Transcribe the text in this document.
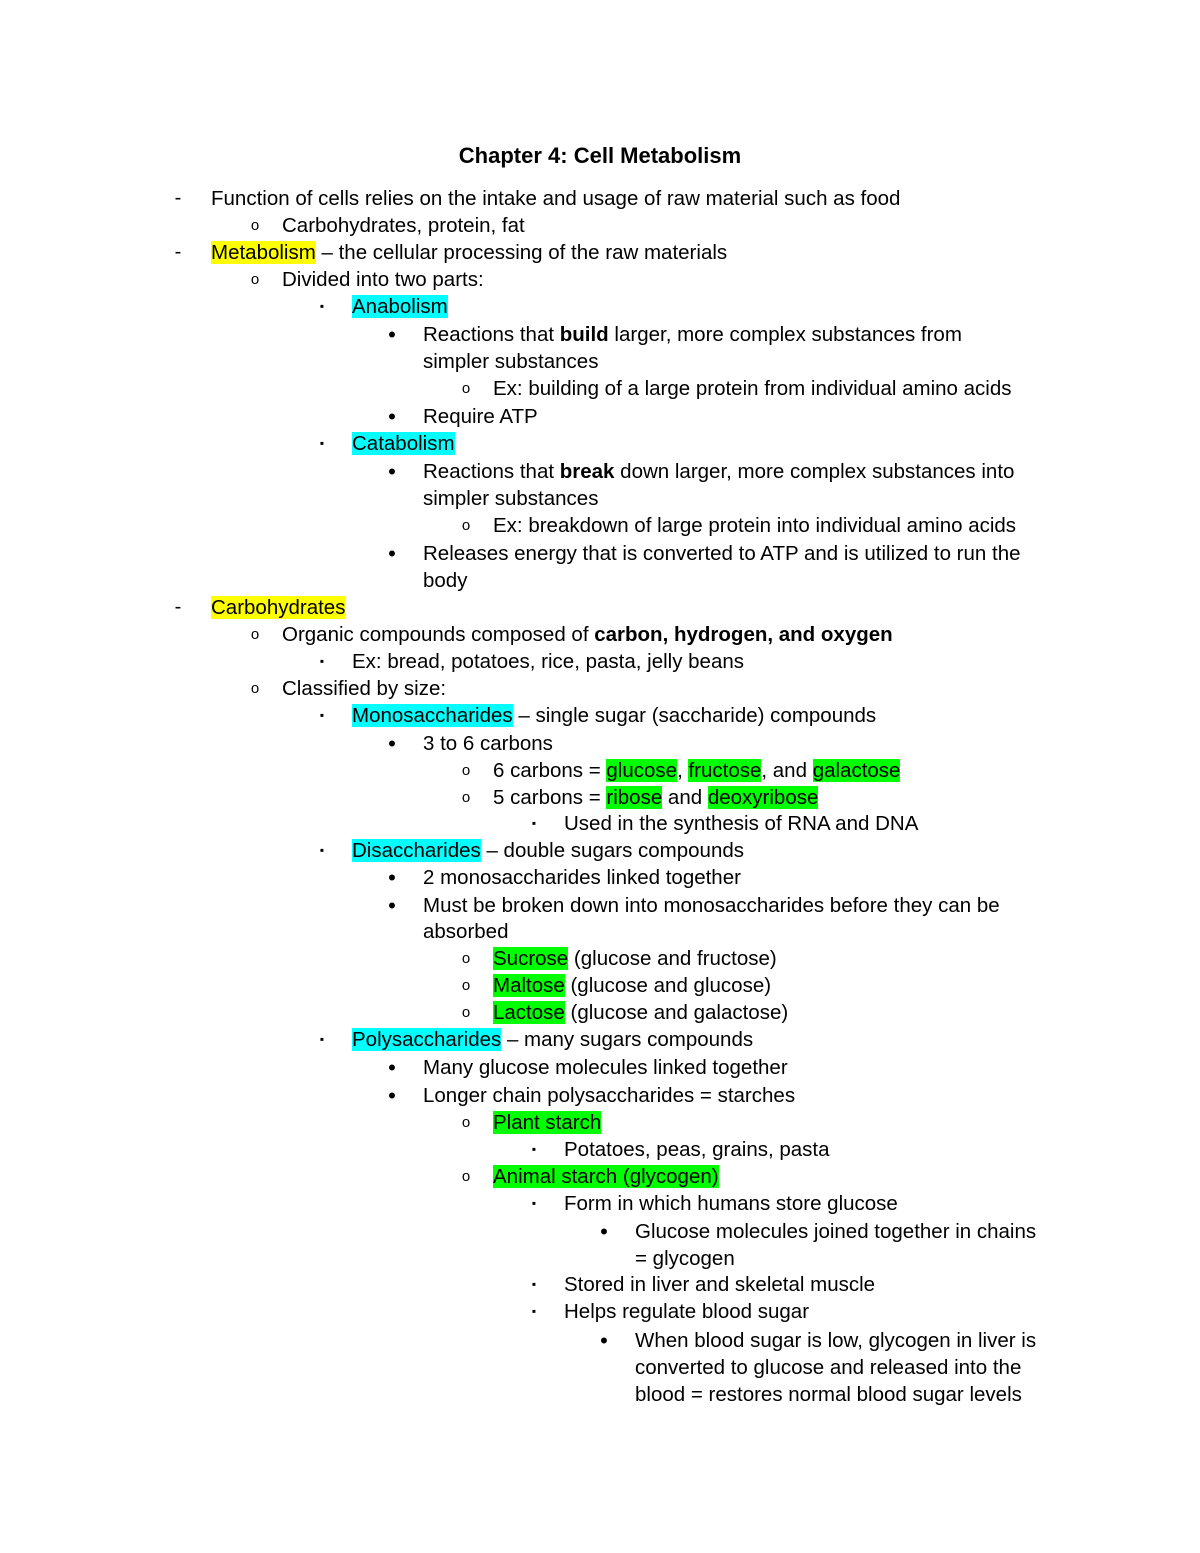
Chapter 4: Cell Metabolism
-	Function of cells relies on the intake and usage of raw material such as food
o Carbohydrates, protein, fat
-	Metabolism – the cellular processing of the raw materials
o Divided into two parts:
▪	Anabolism
•	Reactions that build larger, more complex substances from
simpler substances
o Ex: building of a large protein from individual amino acids
•	Require ATP
▪	Catabolism
•	Reactions that break down larger, more complex substances into
simpler substances
o Ex: breakdown of large protein into individual amino acids
•	Releases energy that is converted to ATP and is utilized to run the
body
-	Carbohydrates
o Organic compounds composed of carbon, hydrogen, and oxygen
▪	Ex: bread, potatoes, rice, pasta, jelly beans
o Classified by size:
▪	Monosaccharides – single sugar (saccharide) compounds
•	3 to 6 carbons
o 6 carbons = glucose, fructose, and galactose
o 5 carbons = ribose and deoxyribose
▪	Used in the synthesis of RNA and DNA
▪	Disaccharides – double sugars compounds
•	2 monosaccharides linked together
•	Must be broken down into monosaccharides before they can be
absorbed
o Sucrose (glucose and fructose)
o Maltose (glucose and glucose)
o Lactose (glucose and galactose)
▪	Polysaccharides – many sugars compounds
•	Many glucose molecules linked together
•	Longer chain polysaccharides = starches
o Plant starch
▪	Potatoes, peas, grains, pasta
o Animal starch (glycogen)
▪	Form in which humans store glucose
•	Glucose molecules joined together in chains
= glycogen
▪	Stored in liver and skeletal muscle
▪	Helps regulate blood sugar
•	When blood sugar is low, glycogen in liver is
converted to glucose and released into the
blood = restores normal blood sugar levels
